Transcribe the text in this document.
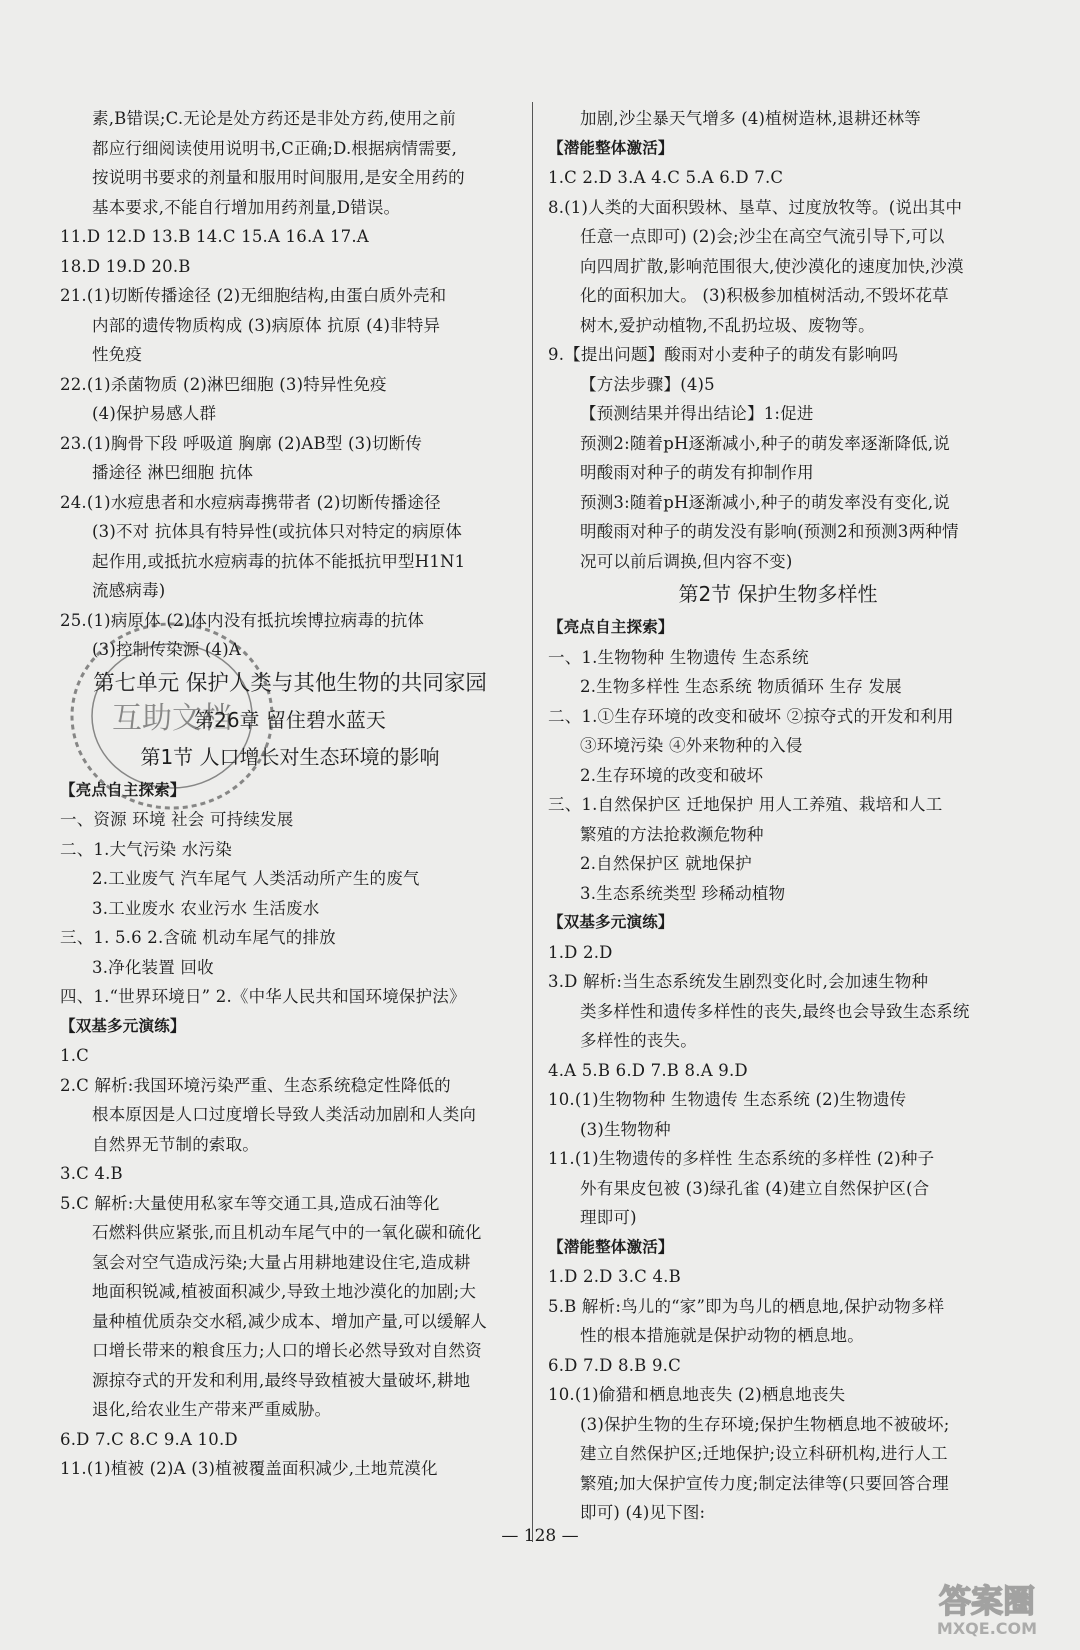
素,B错误;C.无论是处方药还是非处方药,使用之前
都应行细阅读使用说明书,C正确;D.根据病情需要,
按说明书要求的剂量和服用时间服用,是安全用药的
基本要求,不能自行增加用药剂量,D错误。
11.D 12.D 13.B 14.C 15.A 16.A 17.A
18.D 19.D 20.B
21.(1)切断传播途径 (2)无细胞结构,由蛋白质外壳和
内部的遗传物质构成 (3)病原体 抗原 (4)非特异
性免疫
22.(1)杀菌物质 (2)淋巴细胞 (3)特异性免疫
(4)保护易感人群
23.(1)胸骨下段 呼吸道 胸廓 (2)AB型 (3)切断传
播途径 淋巴细胞 抗体
24.(1)水痘患者和水痘病毒携带者 (2)切断传播途径
(3)不对 抗体具有特异性(或抗体只对特定的病原体
起作用,或抵抗水痘病毒的抗体不能抵抗甲型H1N1
流感病毒)
25.(1)病原体 (2)体内没有抵抗埃博拉病毒的抗体
(3)控制传染源 (4)A
第七单元 保护人类与其他生物的共同家园
第26章 留住碧水蓝天
第1节 人口增长对生态环境的影响
【亮点自主探索】
一、资源 环境 社会 可持续发展
二、1.大气污染 水污染
2.工业废气 汽车尾气 人类活动所产生的废气
3.工业废水 农业污水 生活废水
三、1. 5.6 2.含硫 机动车尾气的排放
3.净化装置 回收
四、1.“世界环境日” 2.《中华人民共和国环境保护法》
【双基多元演练】
1.C
2.C 解析:我国环境污染严重、生态系统稳定性降低的
根本原因是人口过度增长导致人类活动加剧和人类向
自然界无节制的索取。
3.C 4.B
5.C 解析:大量使用私家车等交通工具,造成石油等化
石燃料供应紧张,而且机动车尾气中的一氧化碳和硫化
氢会对空气造成污染;大量占用耕地建设住宅,造成耕
地面积锐减,植被面积减少,导致土地沙漠化的加剧;大
量种植优质杂交水稻,减少成本、增加产量,可以缓解人
口增长带来的粮食压力;人口的增长必然导致对自然资
源掠夺式的开发和利用,最终导致植被大量破坏,耕地
退化,给农业生产带来严重威胁。
6.D 7.C 8.C 9.A 10.D
11.(1)植被 (2)A (3)植被覆盖面积减少,土地荒漠化
加剧,沙尘暴天气增多 (4)植树造林,退耕还林等
【潜能整体激活】
1.C 2.D 3.A 4.C 5.A 6.D 7.C
8.(1)人类的大面积毁林、垦草、过度放牧等。(说出其中
任意一点即可) (2)会;沙尘在高空气流引导下,可以
向四周扩散,影响范围很大,使沙漠化的速度加快,沙漠
化的面积加大。 (3)积极参加植树活动,不毁坏花草
树木,爱护动植物,不乱扔垃圾、废物等。
9.【提出问题】酸雨对小麦种子的萌发有影响吗
【方法步骤】(4)5
【预测结果并得出结论】1:促进
预测2:随着pH逐渐减小,种子的萌发率逐渐降低,说
明酸雨对种子的萌发有抑制作用
预测3:随着pH逐渐减小,种子的萌发率没有变化,说
明酸雨对种子的萌发没有影响(预测2和预测3两种情
况可以前后调换,但内容不变)
第2节 保护生物多样性
【亮点自主探索】
一、1.生物物种 生物遗传 生态系统
2.生物多样性 生态系统 物质循环 生存 发展
二、1.①生存环境的改变和破坏 ②掠夺式的开发和利用
③环境污染 ④外来物种的入侵
2.生存环境的改变和破坏
三、1.自然保护区 迁地保护 用人工养殖、栽培和人工
繁殖的方法抢救濒危物种
2.自然保护区 就地保护
3.生态系统类型 珍稀动植物
【双基多元演练】
1.D 2.D
3.D 解析:当生态系统发生剧烈变化时,会加速生物种
类多样性和遗传多样性的丧失,最终也会导致生态系统
多样性的丧失。
4.A 5.B 6.D 7.B 8.A 9.D
10.(1)生物物种 生物遗传 生态系统 (2)生物遗传
(3)生物物种
11.(1)生物遗传的多样性 生态系统的多样性 (2)种子
外有果皮包被 (3)绿孔雀 (4)建立自然保护区(合
理即可)
【潜能整体激活】
1.D 2.D 3.C 4.B
5.B 解析:鸟儿的“家”即为鸟儿的栖息地,保护动物多样
性的根本措施就是保护动物的栖息地。
6.D 7.D 8.B 9.C
10.(1)偷猎和栖息地丧失 (2)栖息地丧失
(3)保护生物的生存环境;保护生物栖息地不被破坏;
建立自然保护区;迁地保护;设立科研机构,进行人工
繁殖;加大保护宣传力度;制定法律等(只要回答合理
即可) (4)见下图:
— 128 —
互助文档
答案圈
MXQE.COM
